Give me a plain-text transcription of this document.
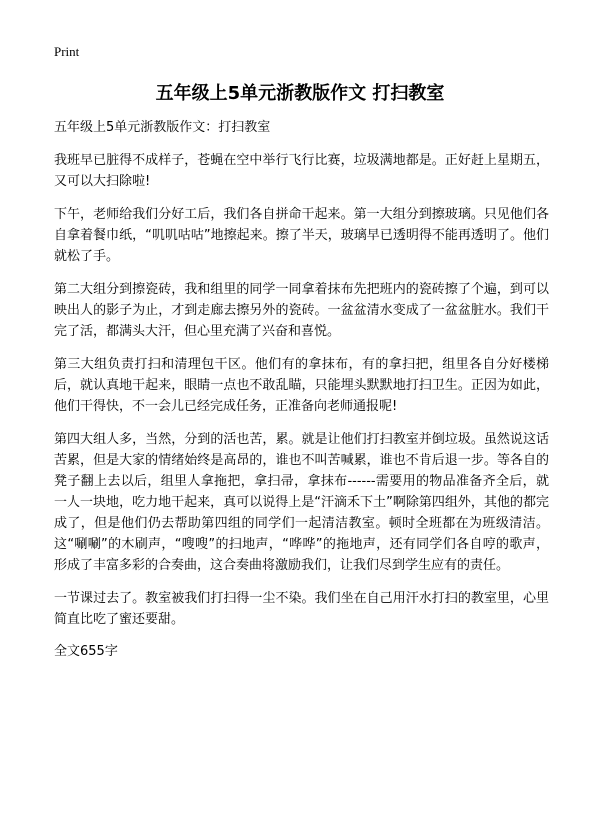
Print
五年级上5单元浙教版作文 打扫教室

五年级上5单元浙教版作文：打扫教室

我班早已脏得不成样子，苍蝇在空中举行飞行比赛，垃圾满地都是。正好赶上星期五，又可以大扫除啦!

下午，老师给我们分好工后，我们各自拼命干起来。第一大组分到擦玻璃。只见他们各自拿着餐巾纸，“叽叽咕咕”地擦起来。擦了半天，玻璃早已透明得不能再透明了。他们就松了手。

第二大组分到擦瓷砖，我和组里的同学一同拿着抹布先把班内的瓷砖擦了个遍，到可以映出人的影子为止，才到走廊去擦另外的瓷砖。一盆盆清水变成了一盆盆脏水。我们干完了活，都满头大汗，但心里充满了兴奋和喜悦。

第三大组负责打扫和清理包干区。他们有的拿抹布，有的拿扫把，组里各自分好楼梯后，就认真地干起来，眼睛一点也不敢乱瞄，只能埋头默默地打扫卫生。正因为如此，他们干得快，不一会儿已经完成任务，正准备向老师通报呢!

第四大组人多，当然，分到的活也苦，累。就是让他们打扫教室并倒垃圾。虽然说这话苦累，但是大家的情绪始终是高昂的，谁也不叫苦喊累，谁也不肯后退一步。等各自的凳子翻上去以后，组里人拿拖把，拿扫帚，拿抹布------需要用的物品准备齐全后，就一人一块地，吃力地干起来，真可以说得上是“汗滴禾下土”啊除第四组外，其他的都完成了，但是他们仍去帮助第四组的同学们一起清洁教室。顿时全班都在为班级清洁。这“唰唰”的木刷声，“嗖嗖”的扫地声，“哗哗”的拖地声，还有同学们各自哼的歌声，形成了丰富多彩的合奏曲，这合奏曲将激励我们，让我们尽到学生应有的责任。

一节课过去了。教室被我们打扫得一尘不染。我们坐在自己用汗水打扫的教室里，心里简直比吃了蜜还要甜。

全文655字
